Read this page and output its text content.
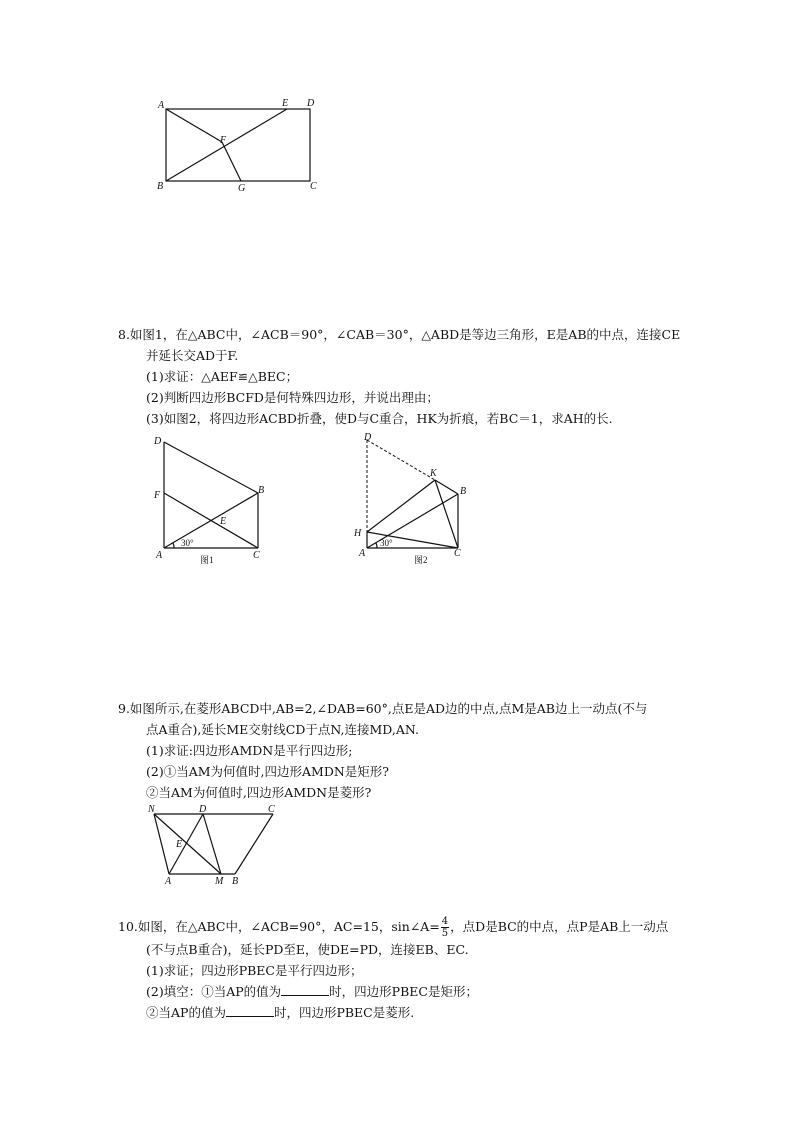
A	E D
F
B	G	C

8.如图1，在△ABC中，∠ACB＝90°，∠CAB＝30°，△ABD是等边三角形，E是AB的中点，连接CE

并延长交AD于F.

(1)求证：△AEF≌△BEC；

(2)判断四边形BCFD是何特殊四边形，并说出理由；

(3)如图2，将四边形ACBD折叠，使D与C重合，HK为折痕，若BC＝1，求AH的长.

D
F	B
E
A	C
30°
图1
D
K
B
H
A	C
30°
图2

9.如图所示,在菱形ABCD中,AB=2,∠DAB=60°,点E是AD边的中点,点M是AB边上一动点(不与

点A重合),延长ME交射线CD于点N,连接MD,AN.

(1)求证:四边形AMDN是平行四边形;

(2)①当AM为何值时,四边形AMDN是矩形?

②当AM为何值时,四边形AMDN是菱形?

N	D	C
E
A	M B

10.如图，在△ABC中，∠ACB=90°，AC=15，sin∠A= $\frac{4}{5}$ ，点D是BC的中点，点P是AB上一动点

(不与点B重合)，延长PD至E，使DE=PD，连接EB、EC.

(1)求证；四边形PBEC是平行四边形；

(2)填空：①当AP的值为	时，四边形PBEC是矩形；

②当AP的值为	时，四边形PBEC是菱形.
